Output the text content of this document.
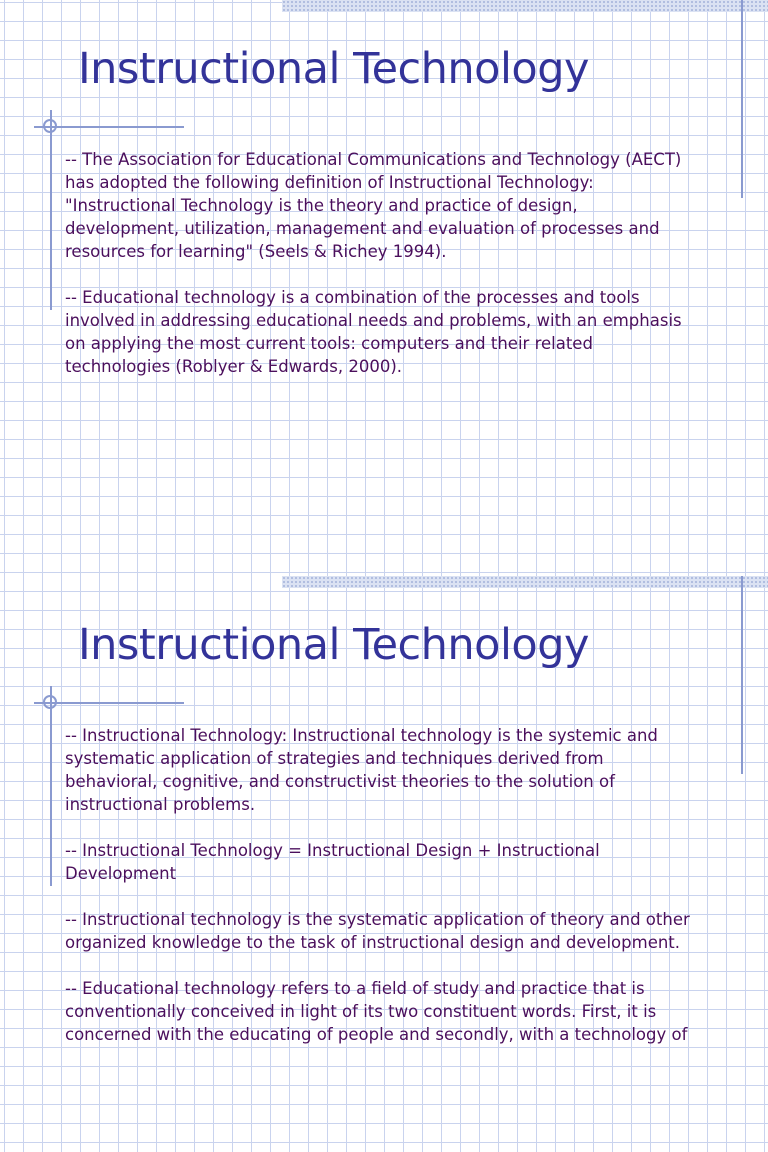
Instructional Technology

-- The Association for Educational Communications and Technology (AECT)
has adopted the following definition of Instructional Technology:
"Instructional Technology is the theory and practice of design,
development, utilization, management and evaluation of processes and
resources for learning" (Seels & Richey 1994).

-- Educational technology is a combination of the processes and tools
involved in addressing educational needs and problems, with an emphasis
on applying the most current tools: computers and their related
technologies (Roblyer & Edwards, 2000).

Instructional Technology

-- Instructional Technology: Instructional technology is the systemic and
systematic application of strategies and techniques derived from
behavioral, cognitive, and constructivist theories to the solution of
instructional problems.

-- Instructional Technology = Instructional Design + Instructional
Development

-- Instructional technology is the systematic application of theory and other
organized knowledge to the task of instructional design and development.

-- Educational technology refers to a field of study and practice that is
conventionally conceived in light of its two constituent words. First, it is
concerned with the educating of people and secondly, with a technology of
